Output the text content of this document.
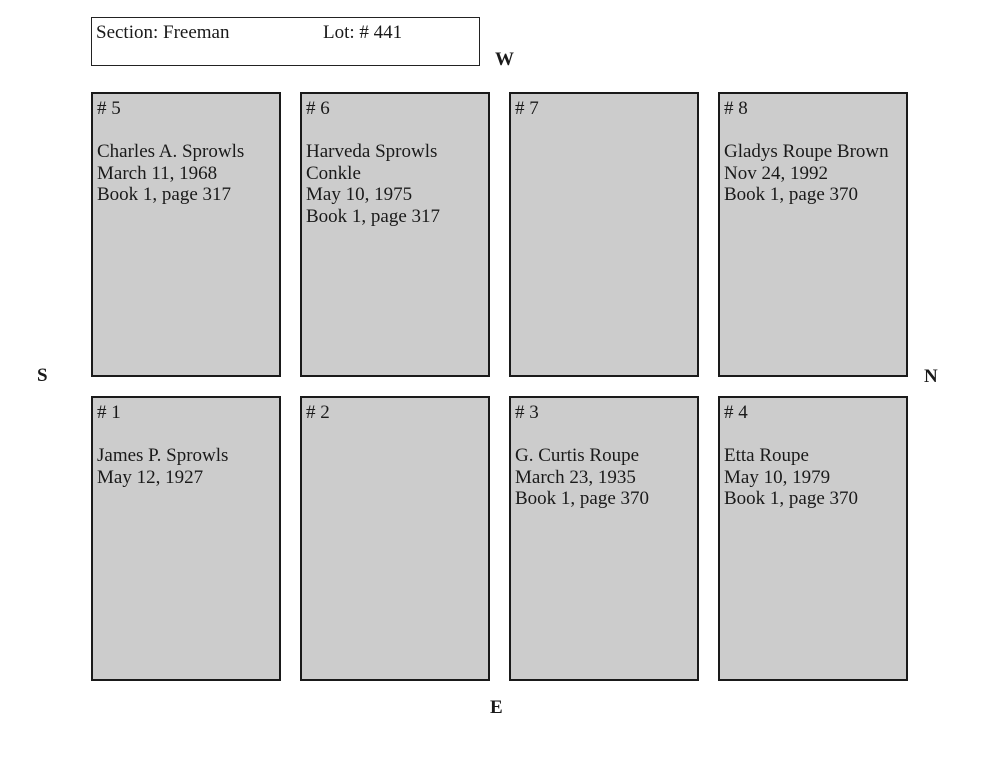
Section: Freeman	Lot: # 441
W
E
S	N
# 5
Charles A. Sprowls
March 11, 1968
Book 1, page 317
# 6
Harveda Sprowls
Conkle
May 10, 1975
Book 1, page 317
# 7	# 8
Gladys Roupe Brown
Nov 24, 1992
Book 1, page 370
# 1
James P. Sprowls
May 12, 1927
# 2	# 3
G. Curtis Roupe
March 23, 1935
Book 1, page 370
# 4
Etta Roupe
May 10, 1979
Book 1, page 370
